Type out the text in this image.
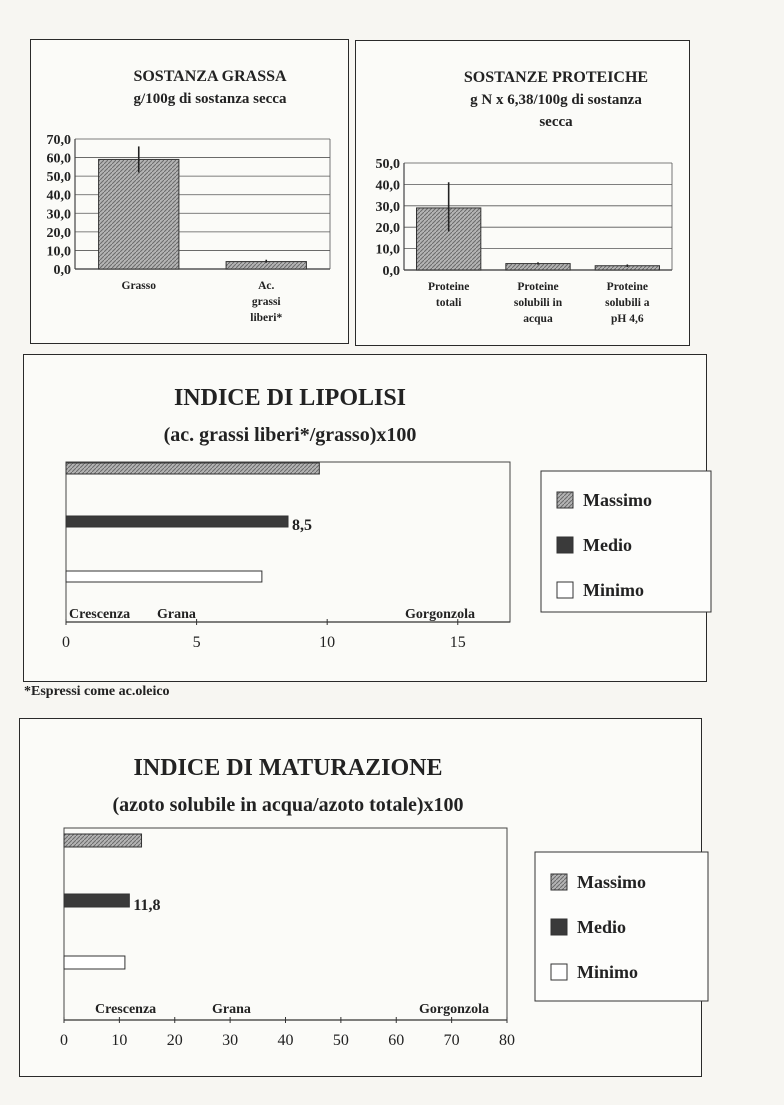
*Espressi come ac.oleico
SOSTANZA GRASSA
g/100g di sostanza secca
0,0
10,0
20,0
30,0
40,0
50,0
60,0
70,0
Grasso	Ac.
grassi
liberi*
SOSTANZE PROTEICHE
g N x 6,38/100g di sostanza
secca
0,0
10,0
20,0
30,0
40,0
50,0
Proteine
totali
Proteine
solubili in
acqua
Proteine
solubili a
pH 4,6
INDICE DI LIPOLISI
(ac. grassi liberi*/grasso)x100
8,5
Crescenza Grana	Gorgonzola
0	5	10	15
Massimo
Medio
Minimo
INDICE DI MATURAZIONE
(azoto solubile in acqua/azoto totale)x100
11,8
Crescenza	Grana	Gorgonzola
0	10 20 30 40 50 60 70 80
Massimo
Medio
Minimo
